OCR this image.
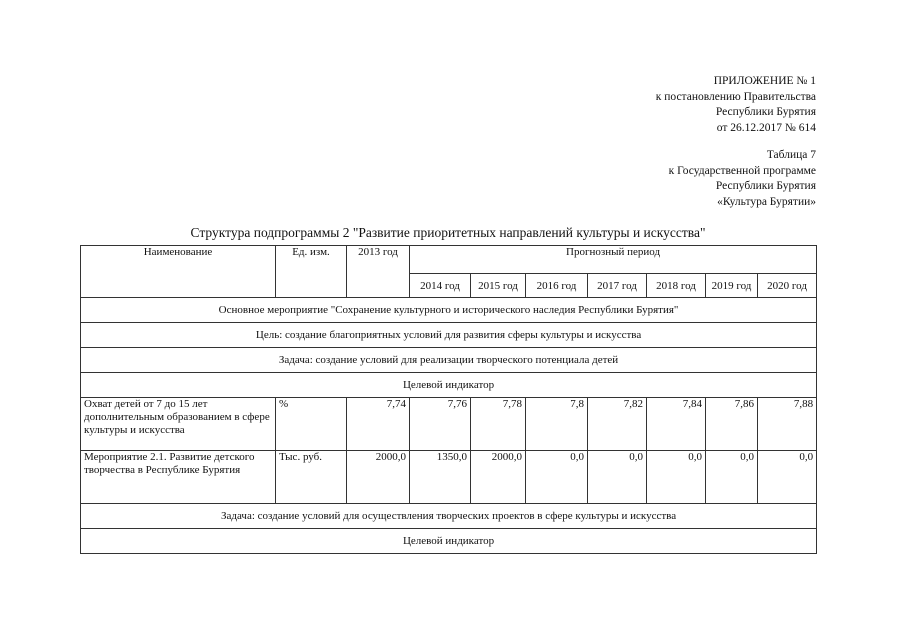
ПРИЛОЖЕНИЕ № 1
к постановлению Правительства
Республики Бурятия
от 26.12.2017 № 614
Таблица 7
к Государственной программе
Республики Бурятия
«Культура Бурятии»
Структура подпрограммы 2 "Развитие приоритетных направлений культуры и искусства"
Наименование	Ед. изм.	2013 год	Прогнозный период						
			2014 год	2015 год	2016 год	2017 год	2018 год	2019 год	2020 год
Основное мероприятие "Сохранение культурного и исторического наследия Республики Бурятия"									
Цель: создание благоприятных условий для развития сферы культуры и искусства									
Задача: создание условий для реализации творческого потенциала детей									
Целевой индикатор									
Охват детей от 7 до 15 лет дополнительным образованием в сфере культуры и искусства	%	7,74	7,76	7,78	7,8	7,82	7,84	7,86	7,88
Мероприятие 2.1. Развитие детского творчества в Республике Бурятия	Тыс. руб.	2000,0	1350,0	2000,0	0,0	0,0	0,0	0,0	0,0
Задача: создание условий для осуществления творческих проектов в сфере культуры и искусства									
Целевой индикатор									
